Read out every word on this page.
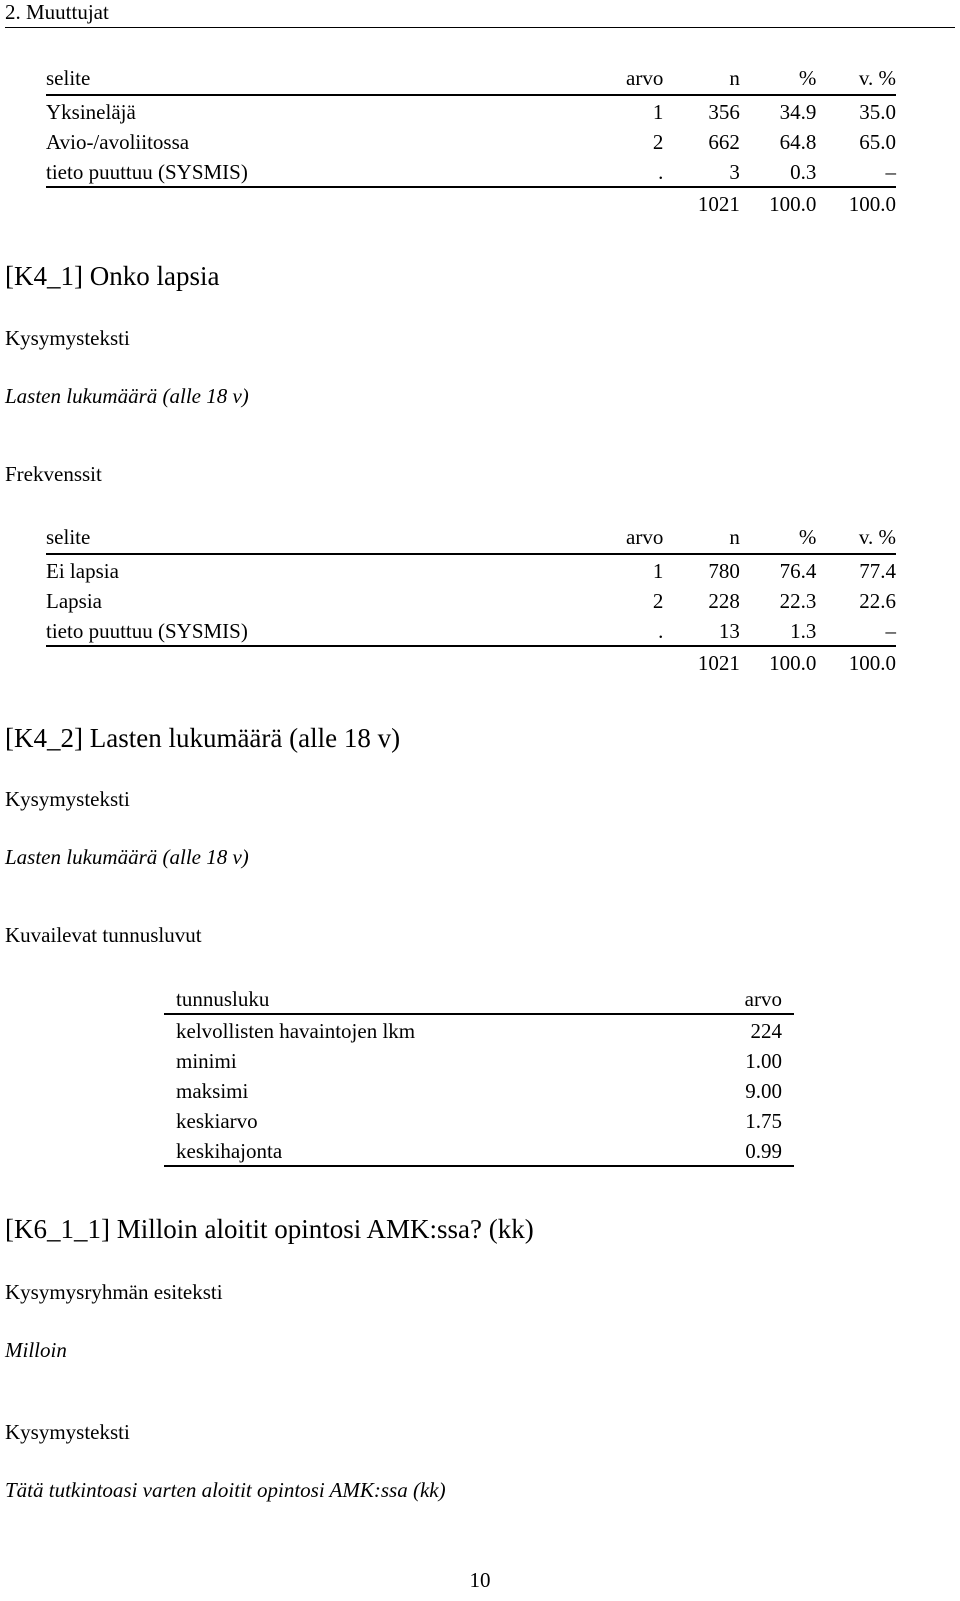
2. Muuttujat
selite	arvo	n	%	v. %

Yksineläjä	1	356	34.9	35.0
Avio-/avoliitossa	2	662	64.8	65.0
tieto puuttuu (SYSMIS)	.	3	0.3	–

		1021	100.0	100.0
[K4_1] Onko lapsia
Kysymysteksti
Lasten lukumäärä (alle 18 v)
Frekvenssit
selite	arvo	n	%	v. %

Ei lapsia	1	780	76.4	77.4
Lapsia	2	228	22.3	22.6
tieto puuttuu (SYSMIS)	.	13	1.3	–

		1021	100.0	100.0
[K4_2] Lasten lukumäärä (alle 18 v)
Kysymysteksti
Lasten lukumäärä (alle 18 v)
Kuvailevat tunnusluvut
tunnusluku	arvo

kelvollisten havaintojen lkm	224
minimi	1.00
maksimi	9.00
keskiarvo	1.75
keskihajonta	0.99

[K6_1_1] Milloin aloitit opintosi AMK:ssa? (kk)
Kysymysryhmän esiteksti
Milloin
Kysymysteksti
Tätä tutkintoasi varten aloitit opintosi AMK:ssa (kk)
10
